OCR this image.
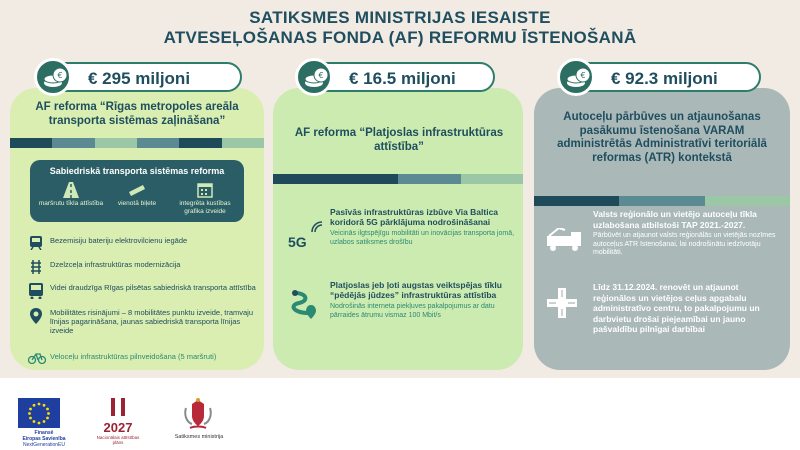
SATIKSMES MINISTRIJAS IESAISTE
ATVESEĻOŠANAS FONDA (AF) REFORMU ĪSTENOŠANĀ
€ € 295 miljoni	€ € 16.5 miljoni	€ € 92.3 miljoni
AF reforma “Rīgas metropoles areāla transporta sistēmas zaļināšana”
Sabiedriskā transporta sistēmas reforma
maršrutu tīkla attīstība	vienotā biļete	integrēta kustības grafika izveide
Bezemisiju bateriju elektrovilcienu iegāde
Dzelzceļa infrastruktūras modernizācija
Videi draudzīga Rīgas pilsētas sabiedriskā transporta attīstība
Mobilitātes risinājumi – 8 mobilitātes punktu izveide, tramvaju līnijas pagarināšana, jaunas sabiedriskā transporta līnijas izveide
Veloceļu infrastruktūras pilnveidošana (5 maršruti)
AF reforma “Platjoslas infrastruktūras attīstība”
5G
Pasīvās infrastruktūras izbūve Via Baltica koridorā 5G pārklājuma nodrošināšanai
Veicinās ilgtspējīgu mobilitāti un inovācijas transporta jomā, uzlabos satiksmes drošību
Platjoslas jeb ļoti augstas veiktspējas tīklu “pēdējās jūdzes” infrastruktūras attīstība
Nodrošinās interneta piekļuves pakalpojumus ar datu pārraides ātrumu vismaz 100 Mbit/s
Autoceļu pārbūves un atjaunošanas pasākumu īstenošana VARAM administrētās Administratīvi teritoriālā reformas (ATR) kontekstā
Valsts reģionālo un vietējo autoceļu tīkla uzlabošana atbilstoši TAP 2021.-2027.
Pārbūvēt un atjaunot valsts reģionālās un vietējās nozīmes autoceļus ATR īstenošanai, lai nodrošinātu iedzīvotāju mobilitāti.
Līdz 31.12.2024. renovēt un atjaunot reģionālos un vietējos ceļus apgabalu administratīvo centru, to pakalpojumu un darbvietu drošai piejeamībai un jauno pašvaldību pilnīgai darbībai
Finansē
Eiropas Savienība
NextGenerationEU
2027
Nacionālais attīstības plāns
Satiksmes ministrija
